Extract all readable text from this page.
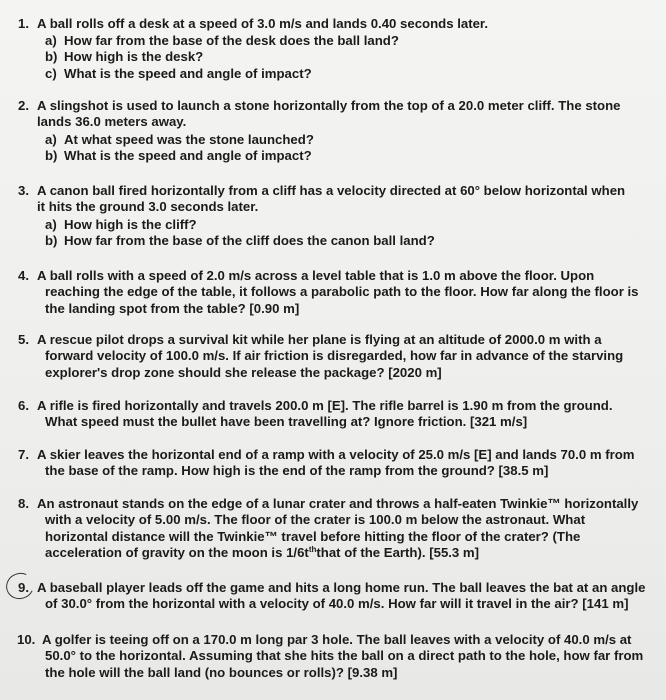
1. A ball rolls off a desk at a speed of 3.0 m/s and lands 0.40 seconds later.
a) How far from the base of the desk does the ball land?
b) How high is the desk?
c) What is the speed and angle of impact?
2. A slingshot is used to launch a stone horizontally from the top of a 20.0 meter cliff. The stone
lands 36.0 meters away.
a) At what speed was the stone launched?
b) What is the speed and angle of impact?
3. A canon ball fired horizontally from a cliff has a velocity directed at 60° below horizontal when
it hits the ground 3.0 seconds later.
a) How high is the cliff?
b) How far from the base of the cliff does the canon ball land?
4. A ball rolls with a speed of 2.0 m/s across a level table that is 1.0 m above the floor. Upon
reaching the edge of the table, it follows a parabolic path to the floor. How far along the floor is
the landing spot from the table? [0.90 m]
5. A rescue pilot drops a survival kit while her plane is flying at an altitude of 2000.0 m with a
forward velocity of 100.0 m/s. If air friction is disregarded, how far in advance of the starving
explorer's drop zone should she release the package? [2020 m]
6. A rifle is fired horizontally and travels 200.0 m [E]. The rifle barrel is 1.90 m from the ground.
What speed must the bullet have been travelling at? Ignore friction. [321 m/s]
7. A skier leaves the horizontal end of a ramp with a velocity of 25.0 m/s [E] and lands 70.0 m from
the base of the ramp. How high is the end of the ramp from the ground? [38.5 m]
8. An astronaut stands on the edge of a lunar crater and throws a half-eaten Twinkie™ horizontally
with a velocity of 5.00 m/s. The floor of the crater is 100.0 m below the astronaut. What
horizontal distance will the Twinkie™ travel before hitting the floor of the crater? (The
acceleration of gravity on the moon is $1/6t^{th}that$ of the Earth). [55.3 m]
9. A baseball player leads off the game and hits a long home run. The ball leaves the bat at an angle
of 30.0° from the horizontal with a velocity of 40.0 m/s. How far will it travel in the air? [141 m]
10. A golfer is teeing off on a 170.0 m long par 3 hole. The ball leaves with a velocity of 40.0 m/s at
50.0° to the horizontal. Assuming that she hits the ball on a direct path to the hole, how far from
the hole will the ball land (no bounces or rolls)? [9.38 m]
